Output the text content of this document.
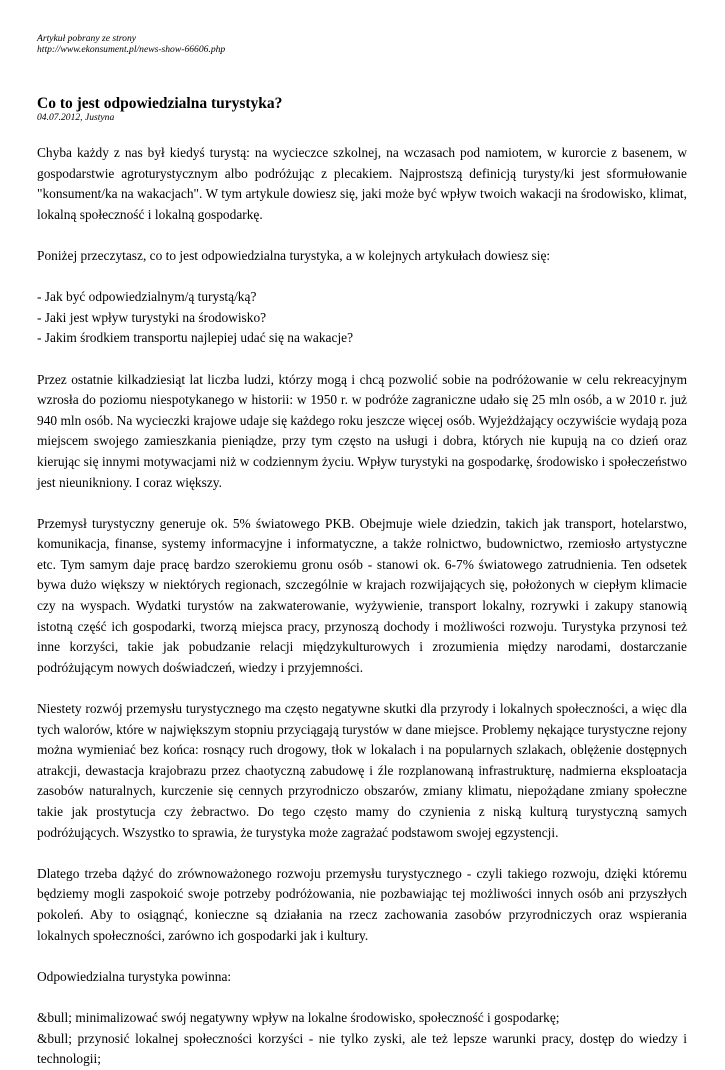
Artykuł pobrany ze strony
http://www.ekonsument.pl/news-show-66606.php
Co to jest odpowiedzialna turystyka?
04.07.2012, Justyna

Chyba każdy z nas był kiedyś turystą: na wycieczce szkolnej, na wczasach pod namiotem, w kurorcie z basenem, w gospodarstwie agroturystycznym albo podróżując z plecakiem. Najprostszą definicją turysty/ki jest sformułowanie "konsument/ka na wakacjach". W tym artykule dowiesz się, jaki może być wpływ twoich wakacji na środowisko, klimat, lokalną społeczność i lokalną gospodarkę.

Poniżej przeczytasz, co to jest odpowiedzialna turystyka, a w kolejnych artykułach dowiesz się:

- Jak być odpowiedzialnym/ą turystą/ką?
- Jaki jest wpływ turystyki na środowisko?
- Jakim środkiem transportu najlepiej udać się na wakacje?

Przez ostatnie kilkadziesiąt lat liczba ludzi, którzy mogą i chcą pozwolić sobie na podróżowanie w celu rekreacyjnym wzrosła do poziomu niespotykanego w historii: w 1950 r. w podróże zagraniczne udało się 25 mln osób, a w 2010 r. już 940 mln osób. Na wycieczki krajowe udaje się każdego roku jeszcze więcej osób. Wyjeżdżający oczywiście wydają poza miejscem swojego zamieszkania pieniądze, przy tym często na usługi i dobra, których nie kupują na co dzień oraz kierując się innymi motywacjami niż w codziennym życiu. Wpływ turystyki na gospodarkę, środowisko i społeczeństwo jest nieunikniony. I coraz większy.

Przemysł turystyczny generuje ok. 5% światowego PKB. Obejmuje wiele dziedzin, takich jak transport, hotelarstwo, komunikacja, finanse, systemy informacyjne i informatyczne, a także rolnictwo, budownictwo, rzemiosło artystyczne etc. Tym samym daje pracę bardzo szerokiemu gronu osób - stanowi ok. 6-7% światowego zatrudnienia. Ten odsetek bywa dużo większy w niektórych regionach, szczególnie w krajach rozwijających się, położonych w ciepłym klimacie czy na wyspach. Wydatki turystów na zakwaterowanie, wyżywienie, transport lokalny, rozrywki i zakupy stanowią istotną część ich gospodarki, tworzą miejsca pracy, przynoszą dochody i możliwości rozwoju. Turystyka przynosi też inne korzyści, takie jak pobudzanie relacji międzykulturowych i zrozumienia między narodami, dostarczanie podróżującym nowych doświadczeń, wiedzy i przyjemności.

Niestety rozwój przemysłu turystycznego ma często negatywne skutki dla przyrody i lokalnych społeczności, a więc dla tych walorów, które w największym stopniu przyciągają turystów w dane miejsce. Problemy nękające turystyczne rejony można wymieniać bez końca: rosnący ruch drogowy, tłok w lokalach i na popularnych szlakach, oblężenie dostępnych atrakcji, dewastacja krajobrazu przez chaotyczną zabudowę i źle rozplanowaną infrastrukturę, nadmierna eksploatacja zasobów naturalnych, kurczenie się cennych przyrodniczo obszarów, zmiany klimatu, niepożądane zmiany społeczne takie jak prostytucja czy żebractwo. Do tego często mamy do czynienia z niską kulturą turystyczną samych podróżujących. Wszystko to sprawia, że turystyka może zagrażać podstawom swojej egzystencji.

Dlatego trzeba dążyć do zrównoważonego rozwoju przemysłu turystycznego - czyli takiego rozwoju, dzięki któremu będziemy mogli zaspokoić swoje potrzeby podróżowania, nie pozbawiając tej możliwości innych osób ani przyszłych pokoleń. Aby to osiągnąć, konieczne są działania na rzecz zachowania zasobów przyrodniczych oraz wspierania lokalnych społeczności, zarówno ich gospodarki jak i kultury.

Odpowiedzialna turystyka powinna:

&bull; minimalizować swój negatywny wpływ na lokalne środowisko, społeczność i gospodarkę;

&bull; przynosić lokalnej społeczności korzyści - nie tylko zyski, ale też lepsze warunki pracy, dostęp do wiedzy i technologii;
